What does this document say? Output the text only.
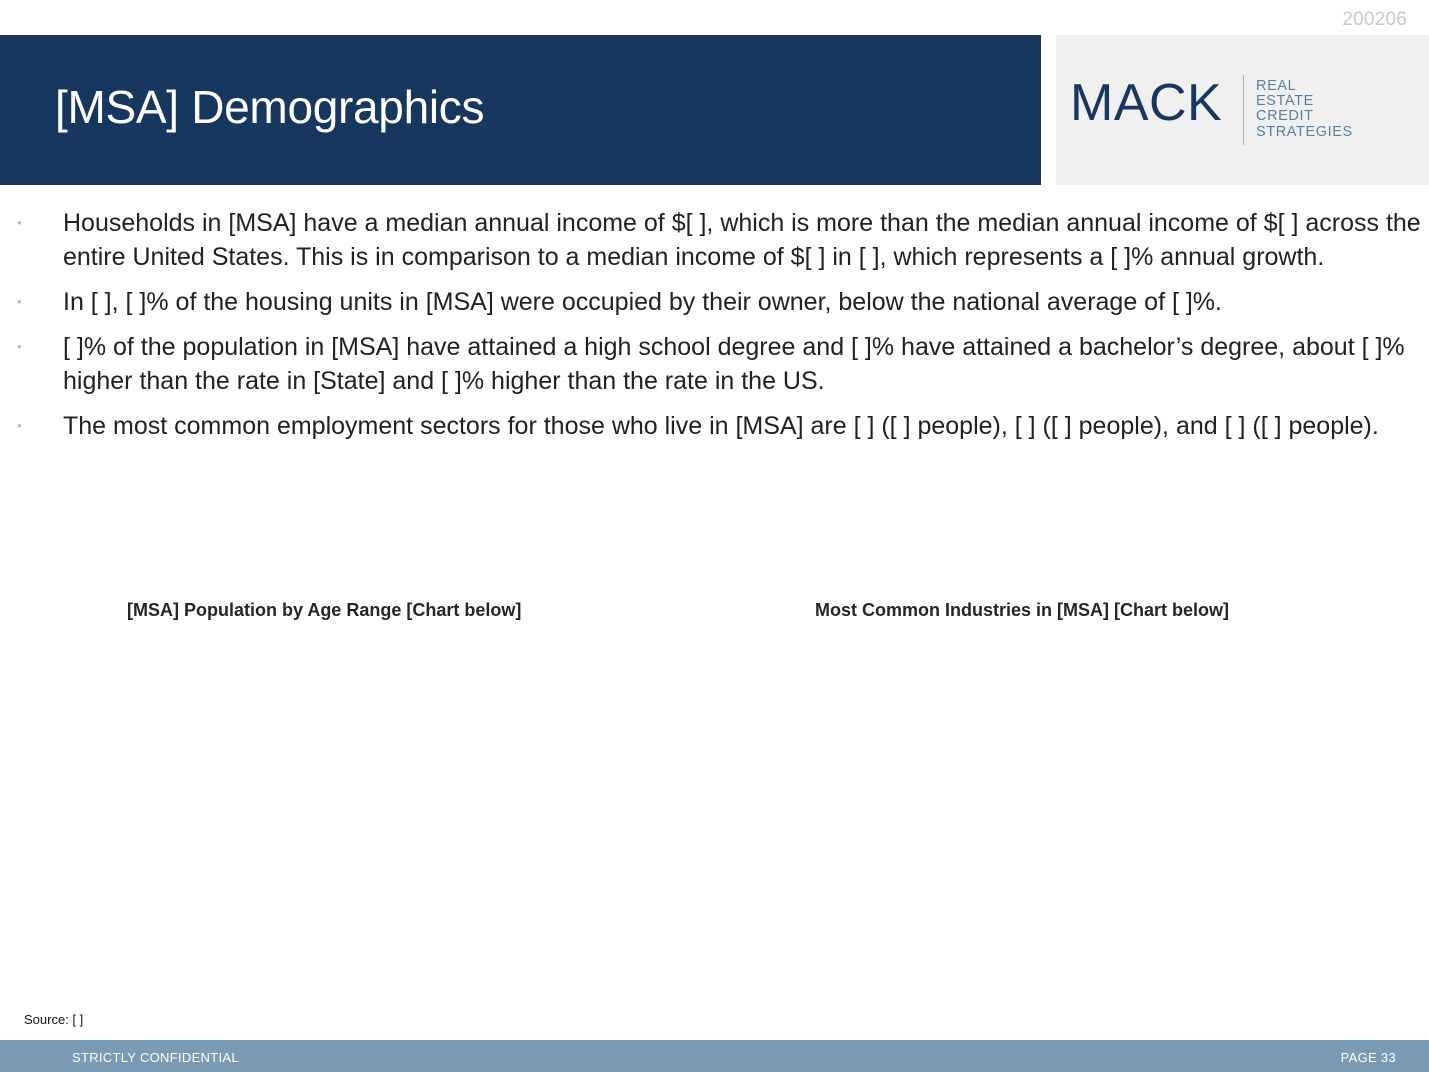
200206
[MSA] Demographics	MACK REAL
ESTATE
CREDIT
STRATEGIES
• Households in [MSA] have a median annual income of $[ ], which is more than the median annual income of $[ ] across the entire United States. This is in comparison to a median income of $[ ] in [ ], which represents a [ ]% annual growth.
• In [ ], [ ]% of the housing units in [MSA] were occupied by their owner, below the national average of [ ]%.
• [ ]% of the population in [MSA] have attained a high school degree and [ ]% have attained a bachelor’s degree, about [ ]% higher than the rate in [State] and [ ]% higher than the rate in the US.
• The most common employment sectors for those who live in [MSA] are [ ] ([ ] people), [ ] ([ ] people), and [ ] ([ ] people).
[MSA] Population by Age Range [Chart below]	Most Common Industries in [MSA] [Chart below]
Source: [ ]
STRICTLY CONFIDENTIAL	PAGE 33
